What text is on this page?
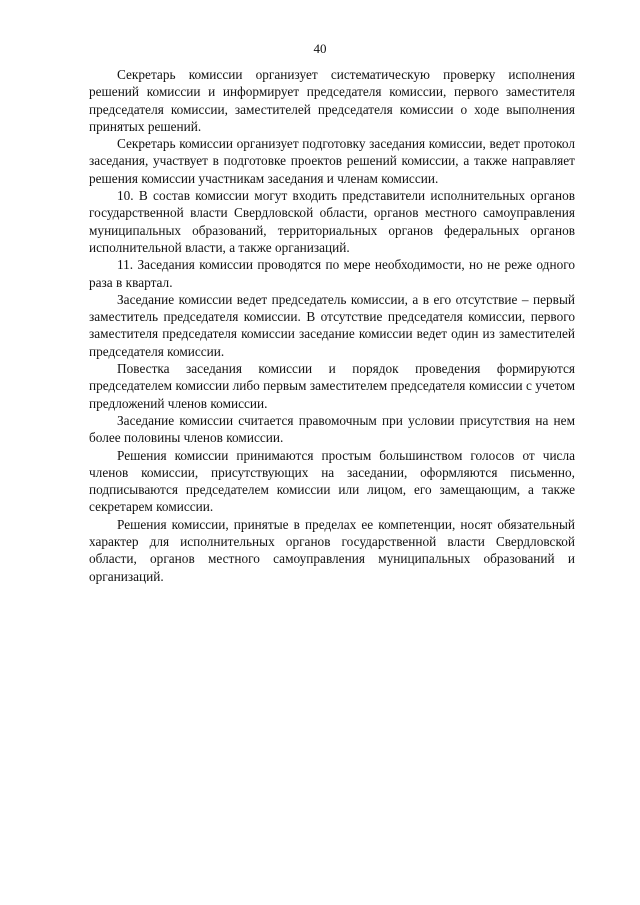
40

Секретарь комиссии организует систематическую проверку исполнения решений комиссии и информирует председателя комиссии, первого заместителя председателя комиссии, заместителей председателя комиссии о ходе выполнения принятых решений.

Секретарь комиссии организует подготовку заседания комиссии, ведет протокол заседания, участвует в подготовке проектов решений комиссии, а также направляет решения комиссии участникам заседания и членам комиссии.

10. В состав комиссии могут входить представители исполнительных органов государственной власти Свердловской области, органов местного самоуправления муниципальных образований, территориальных органов федеральных органов исполнительной власти, а также организаций.

11. Заседания комиссии проводятся по мере необходимости, но не реже одного раза в квартал.

Заседание комиссии ведет председатель комиссии, а в его отсутствие – первый заместитель председателя комиссии. В отсутствие председателя комиссии, первого заместителя председателя комиссии заседание комиссии ведет один из заместителей председателя комиссии.

Повестка заседания комиссии и порядок проведения формируются председателем комиссии либо первым заместителем председателя комиссии с учетом предложений членов комиссии.

Заседание комиссии считается правомочным при условии присутствия на нем более половины членов комиссии.

Решения комиссии принимаются простым большинством голосов от числа членов комиссии, присутствующих на заседании, оформляются письменно, подписываются председателем комиссии или лицом, его замещающим, а также секретарем комиссии.

Решения комиссии, принятые в пределах ее компетенции, носят обязательный характер для исполнительных органов государственной власти Свердловской области, органов местного самоуправления муниципальных образований и организаций.
